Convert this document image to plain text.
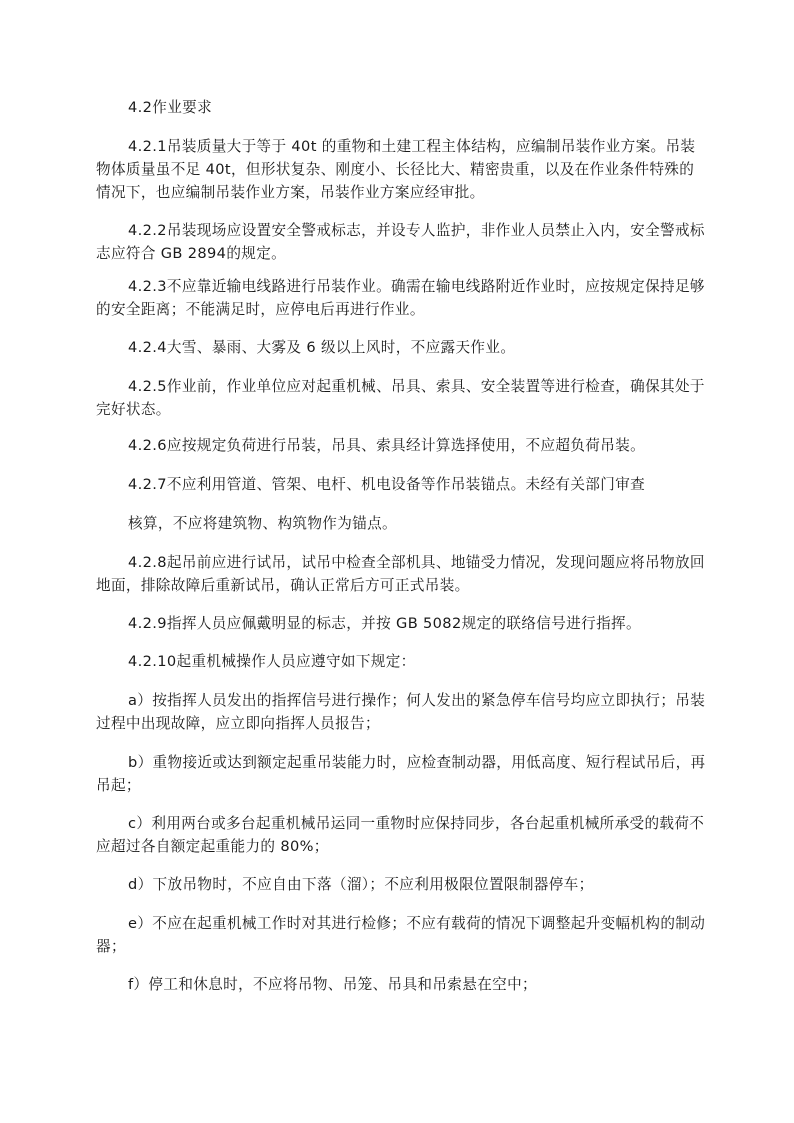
4.2作业要求

4.2.1吊装质量大于等于 40t 的重物和土建工程主体结构，应编制吊装作业方案。吊装物体质量虽不足 40t，但形状复杂、刚度小、长径比大、精密贵重，以及在作业条件特殊的情况下，也应编制吊装作业方案，吊装作业方案应经审批。

4.2.2吊装现场应设置安全警戒标志，并设专人监护，非作业人员禁止入内，安全警戒标志应符合 GB 2894的规定。

4.2.3不应靠近输电线路进行吊装作业。确需在输电线路附近作业时，应按规定保持足够的安全距离；不能满足时，应停电后再进行作业。

4.2.4大雪、暴雨、大雾及 6 级以上风时，不应露天作业。

4.2.5作业前，作业单位应对起重机械、吊具、索具、安全装置等进行检查，确保其处于完好状态。

4.2.6应按规定负荷进行吊装，吊具、索具经计算选择使用，不应超负荷吊装。

4.2.7不应利用管道、管架、电杆、机电设备等作吊装锚点。未经有关部门审查

核算，不应将建筑物、构筑物作为锚点。

4.2.8起吊前应进行试吊，试吊中检查全部机具、地锚受力情况，发现问题应将吊物放回地面，排除故障后重新试吊，确认正常后方可正式吊装。

4.2.9指挥人员应佩戴明显的标志，并按 GB 5082规定的联络信号进行指挥。

4.2.10起重机械操作人员应遵守如下规定：

a）按指挥人员发出的指挥信号进行操作；何人发出的紧急停车信号均应立即执行；吊装过程中出现故障，应立即向指挥人员报告；

b）重物接近或达到额定起重吊装能力时，应检查制动器，用低高度、短行程试吊后，再吊起；

c）利用两台或多台起重机械吊运同一重物时应保持同步，各台起重机械所承受的载荷不应超过各自额定起重能力的 80%；

d）下放吊物时，不应自由下落（溜）；不应利用极限位置限制器停车；

e）不应在起重机械工作时对其进行检修；不应有载荷的情况下调整起升变幅机构的制动器；

f）停工和休息时，不应将吊物、吊笼、吊具和吊索悬在空中；
